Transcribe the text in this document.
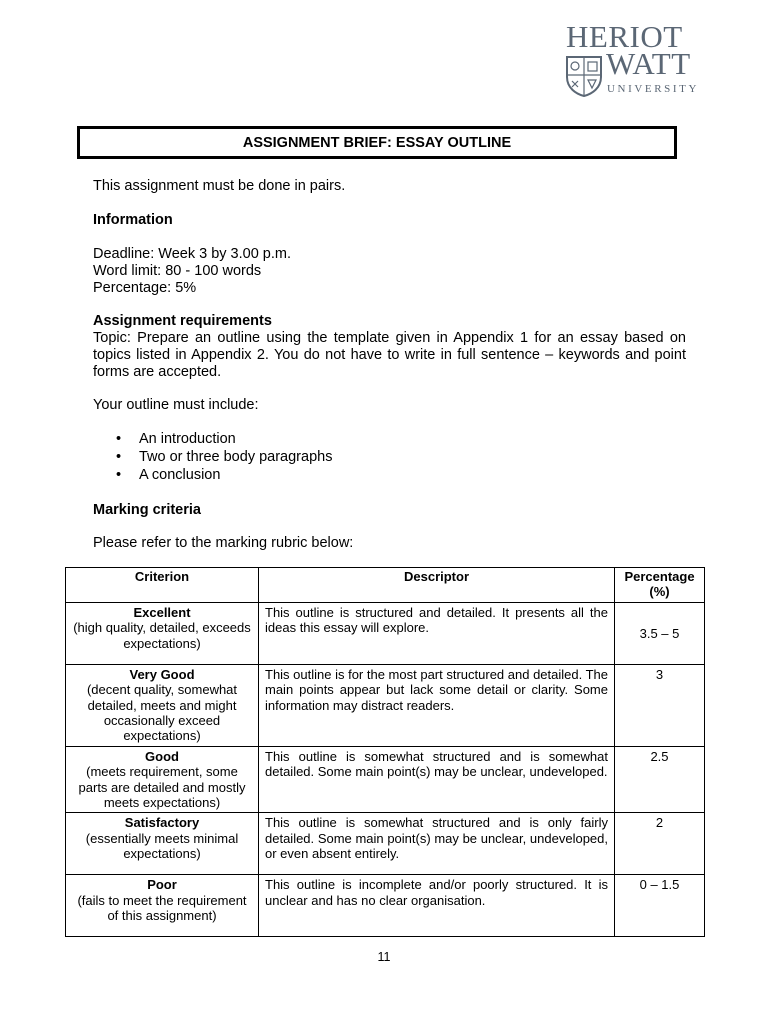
HERIOT
WATT
UNIVERSITY
ASSIGNMENT BRIEF: ESSAY OUTLINE
This assignment must be done in pairs.
Information
Deadline: Week 3 by 3.00 p.m.
Word limit: 80 - 100 words
Percentage: 5%
Assignment requirements
Topic: Prepare an outline using the template given in Appendix 1 for an essay based on topics listed in Appendix 2. You do not have to write in full sentence – keywords and point forms are accepted.
Your outline must include:
• An introduction
• Two or three body paragraphs
• A conclusion
Marking criteria
Please refer to the marking rubric below:
Criterion	Descriptor	Percentage (%)

Excellent
(high quality, detailed, exceeds expectations)	This outline is structured and detailed. It presents all the ideas this essay will explore.	3.5 – 5

Very Good
(decent quality, somewhat detailed, meets and might occasionally exceed expectations)	This outline is for the most part structured and detailed. The main points appear but lack some detail or clarity. Some information may distract readers.	3

Good
(meets requirement, some parts are detailed and mostly meets expectations)	This outline is somewhat structured and is somewhat detailed. Some main point(s) may be unclear, undeveloped.	2.5

Satisfactory
(essentially meets minimal expectations)	This outline is somewhat structured and is only fairly detailed. Some main point(s) may be unclear, undeveloped, or even absent entirely.	2

Poor
(fails to meet the requirement of this assignment)	This outline is incomplete and/or poorly structured. It is unclear and has no clear organisation.	0 – 1.5
11
